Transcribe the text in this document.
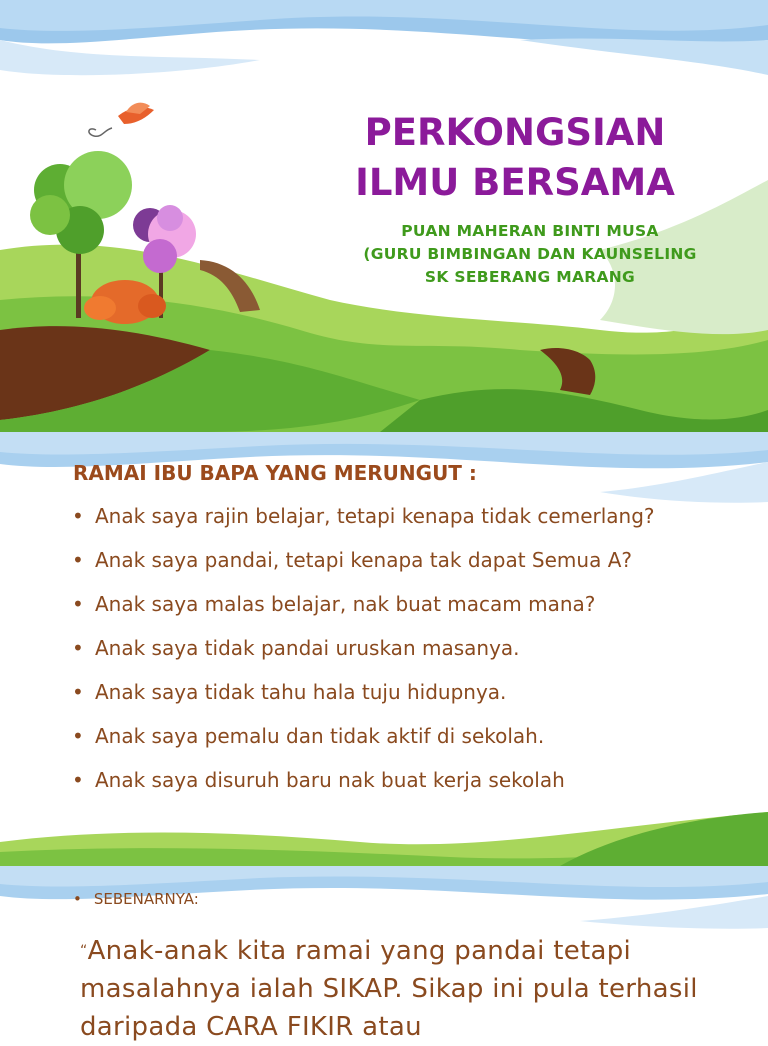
PERKONGSIAN
ILMU BERSAMA
PUAN MAHERAN BINTI MUSA
(GURU BIMBINGAN DAN KAUNSELING
SK SEBERANG MARANG
RAMAI IBU BAPA YANG MERUNGUT :
• Anak saya rajin belajar, tetapi kenapa tidak cemerlang?
• Anak saya pandai, tetapi kenapa tak dapat Semua A?
• Anak saya malas belajar, nak buat macam mana?
• Anak saya tidak pandai uruskan masanya.
• Anak saya tidak tahu hala tuju hidupnya.
• Anak saya pemalu dan tidak aktif di sekolah.
• Anak saya disuruh baru nak buat kerja sekolah
• SEBENARNYA:
“Anak-anak kita ramai yang pandai tetapi masalahnya ialah SIKAP. Sikap ini pula terhasil daripada CARA FIKIR atau
